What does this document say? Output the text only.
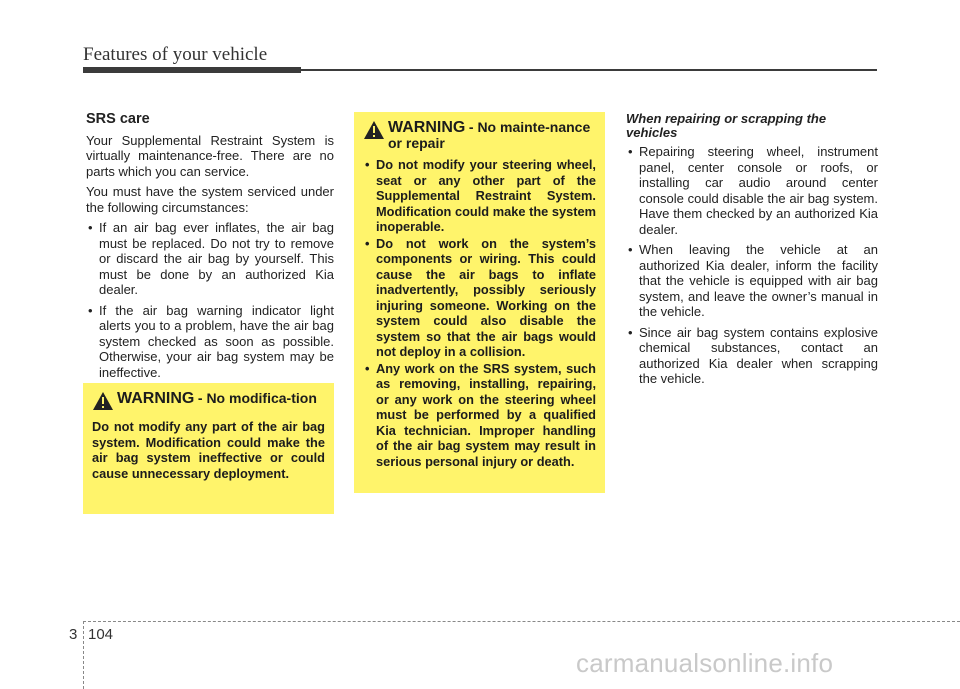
Features of your vehicle
SRS care

Your Supplemental Restraint System is virtually maintenance-free. There are no parts which you can service.

You must have the system serviced under the following circumstances:

• If an air bag ever inflates, the air bag must be replaced. Do not try to remove or discard the air bag by yourself. This must be done by an authorized Kia dealer.
• If the air bag warning indicator light alerts you to a problem, have the air bag system checked as soon as possible. Otherwise, your air bag system may be ineffective.
WARNING - No modifica-tion
Do not modify any part of the air bag system. Modification could make the air bag system ineffective or could cause unnecessary deployment.
WARNING - No mainte-nance or repair
• Do not modify your steering wheel, seat or any other part of the Supplemental Restraint System. Modification could make the system inoperable.
• Do not work on the system’s components or wiring. This could cause the air bags to inflate inadvertently, possibly seriously injuring someone. Working on the system could also disable the system so that the air bags would not deploy in a collision.
• Any work on the SRS system, such as removing, installing, repairing, or any work on the steering wheel must be performed by a qualified Kia technician. Improper handling of the air bag system may result in serious personal injury or death.
When repairing or scrapping the vehicles
• Repairing steering wheel, instrument panel, center console or roofs, or installing car audio around center console could disable the air bag system. Have them checked by an authorized Kia dealer.
• When leaving the vehicle at an authorized Kia dealer, inform the facility that the vehicle is equipped with air bag system, and leave the owner’s manual in the vehicle.
• Since air bag system contains explosive chemical substances, contact an authorized Kia dealer when scrapping the vehicle.
3 104
carmanualsonline.info
